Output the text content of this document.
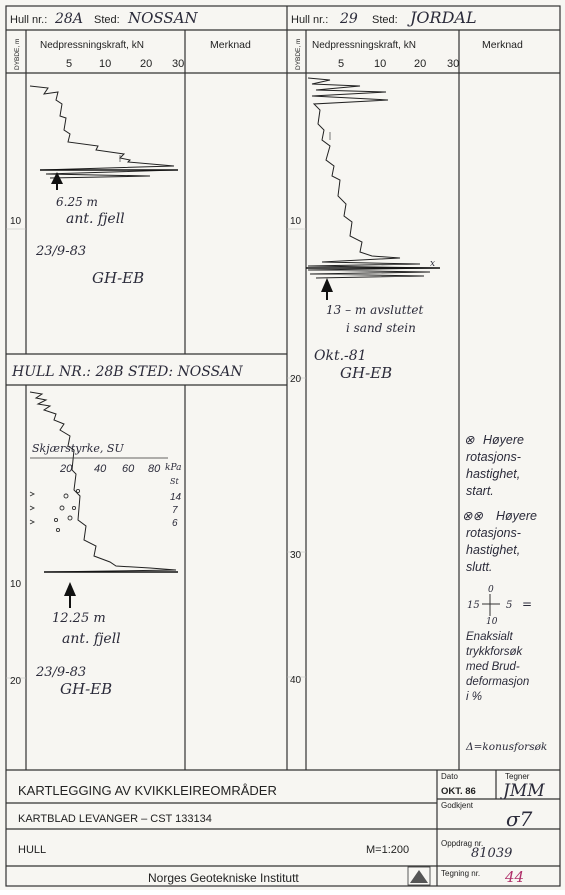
Hull nr.: 28A Sted: NOSSAN
DYBDE, m Nedpressningskraft, kN	Merknad
5 10	20 30
10
6.25 m
ant. fjell
23/9-83
GH-EB
HULL NR.: 28B STED: NOSSAN
Skjærstyrke, SU
20 40 60 80 kPa
St
14
7
6
10
20
12.25 m
ant. fjell
23/9-83
GH-EB
Hull nr.: 29 Sted: JORDAL
DYBDE, m Nedpressningskraft, kN	Merknad
5	10	20 30
10
20
30
40
x
13 – m avsluttet
i sand stein
Okt.-81
GH-EB
⊗ Høyere
rotasjons-
hastighet,
start.
⊗⊗ Høyere
rotasjons-
hastighet,
slutt.
0
15	5
10
=
Enaksialt
trykkforsøk
med Brud-
deformasjon
i %
Δ=konusforsøk
KARTLEGGING AV KVIKKLEIREOMRÅDER
KARTBLAD LEVANGER – CST 133134
HULL	M=1:200
Norges Geotekniske Institutt
Dato
OKT. 86
Tegner
JMM
Godkjent
σ7
Oppdrag nr.
81039
Tegning nr. 44
